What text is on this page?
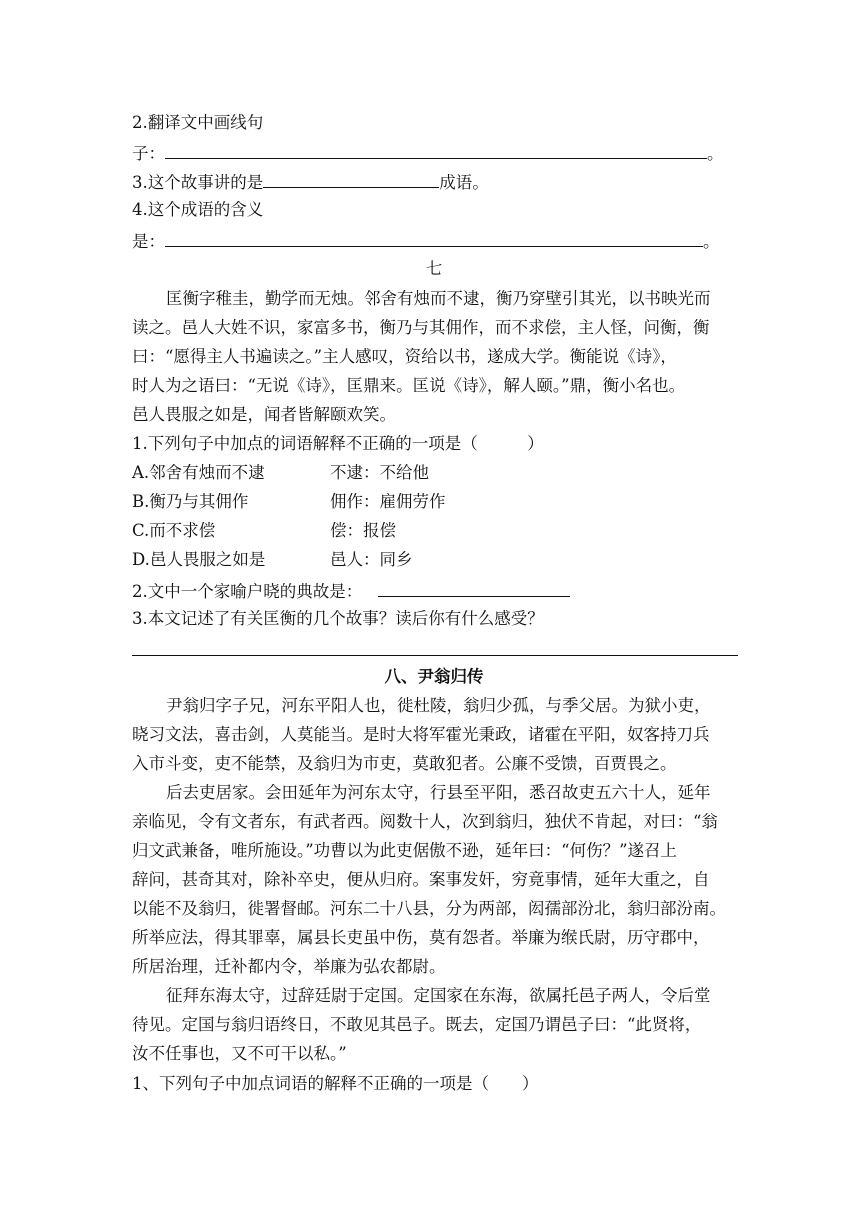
2.翻译文中画线句
子：	。
3.这个故事讲的是	成语。
4.这个成语的含义
是：	。
七
匡衡字稚圭，勤学而无烛。邻舍有烛而不逮，衡乃穿壁引其光，以书映光而
读之。邑人大姓不识，家富多书，衡乃与其佣作，而不求偿，主人怪，问衡，衡
曰：“愿得主人书遍读之。”主人感叹，资给以书，遂成大学。衡能说《诗》，
时人为之语曰：“无说《诗》，匡鼎来。匡说《诗》，解人颐。”鼎，衡小名也。
邑人畏服之如是，闻者皆解颐欢笑。
1.下列句子中加点的词语解释不正确的一项是（　　　）
A.邻舍有烛而不逮	不逮：不给他
B.衡乃与其佣作	佣作：雇佣劳作
C.而不求偿	偿：报偿
D.邑人畏服之如是	邑人：同乡
2.文中一个家喻户晓的典故是：
3.本文记述了有关匡衡的几个故事？读后你有什么感受？
八、尹翁归传
尹翁归字子兄，河东平阳人也，徙杜陵，翁归少孤，与季父居。为狱小吏，
晓习文法，喜击剑，人莫能当。是时大将军霍光秉政，诸霍在平阳，奴客持刀兵
入市斗变，吏不能禁，及翁归为市吏，莫敢犯者。公廉不受馈，百贾畏之。
后去吏居家。会田延年为河东太守，行县至平阳，悉召故吏五六十人，延年
亲临见，令有文者东，有武者西。阅数十人，次到翁归，独伏不肯起，对曰：“翁
归文武兼备，唯所施设。”功曹以为此吏倨傲不逊，延年曰：“何伤？”遂召上
辞问，甚奇其对，除补卒史，便从归府。案事发奸，穷竟事情，延年大重之，自
以能不及翁归，徙署督邮。河东二十八县，分为两部，闳孺部汾北，翁归部汾南。
所举应法，得其罪辜，属县长吏虽中伤，莫有怨者。举廉为缑氏尉，历守郡中，
所居治理，迁补都内令，举廉为弘农都尉。
征拜东海太守，过辞廷尉于定国。定国家在东海，欲属托邑子两人，令后堂
待见。定国与翁归语终日，不敢见其邑子。既去，定国乃谓邑子曰：“此贤将，
汝不任事也，又不可干以私。”
1、下列句子中加点词语的解释不正确的一项是（　　）
